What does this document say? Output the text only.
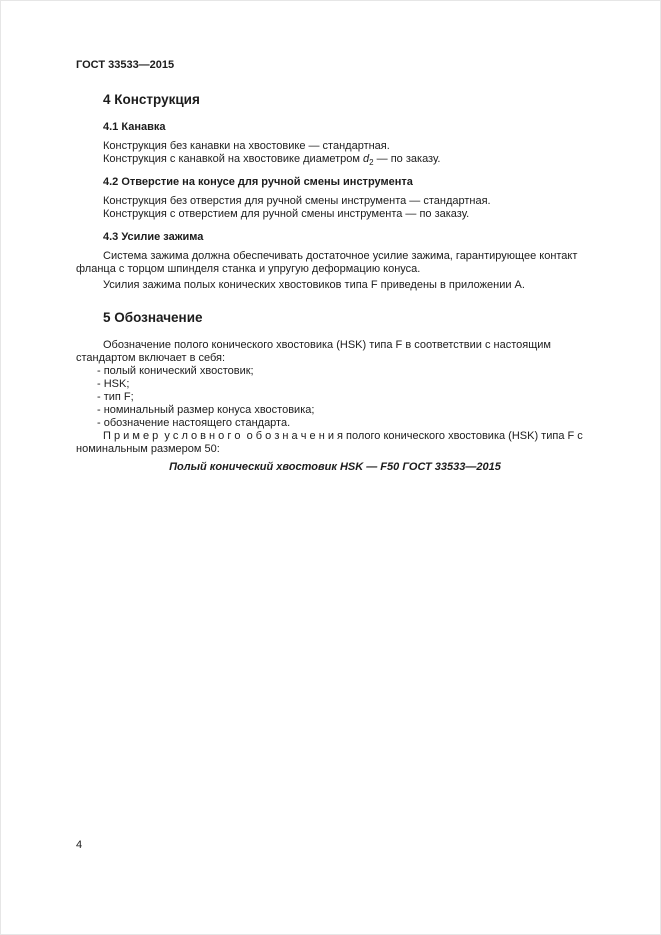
ГОСТ 33533—2015
4 Конструкция
4.1 Канавка

Конструкция без канавки на хвостовике — стандартная.

Конструкция с канавкой на хвостовике диаметром $d_2$ — по заказу.

4.2 Отверстие на конусе для ручной смены инструмента

Конструкция без отверстия для ручной смены инструмента — стандартная.

Конструкция с отверстием для ручной смены инструмента — по заказу.

4.3 Усилие зажима

Система зажима должна обеспечивать достаточное усилие зажима, гарантирующее контакт фланца с торцом шпинделя станка и упругую деформацию конуса.

Усилия зажима полых конических хвостовиков типа F приведены в приложении А.

5 Обозначение

Обозначение полого конического хвостовика (HSK) типа F в соответствии с настоящим стандартом включает в себя:

- полый конический хвостовик;
- HSK;
- тип F;
- номинальный размер конуса хвостовика;
- обозначение настоящего стандарта.

П р и м е р  у с л о в н о г о  о б о з н а ч е н и я полого конического хвостовика (HSK) типа F с номинальным размером 50:

Полый конический хвостовик HSK — F50 ГОСТ 33533—2015

4
